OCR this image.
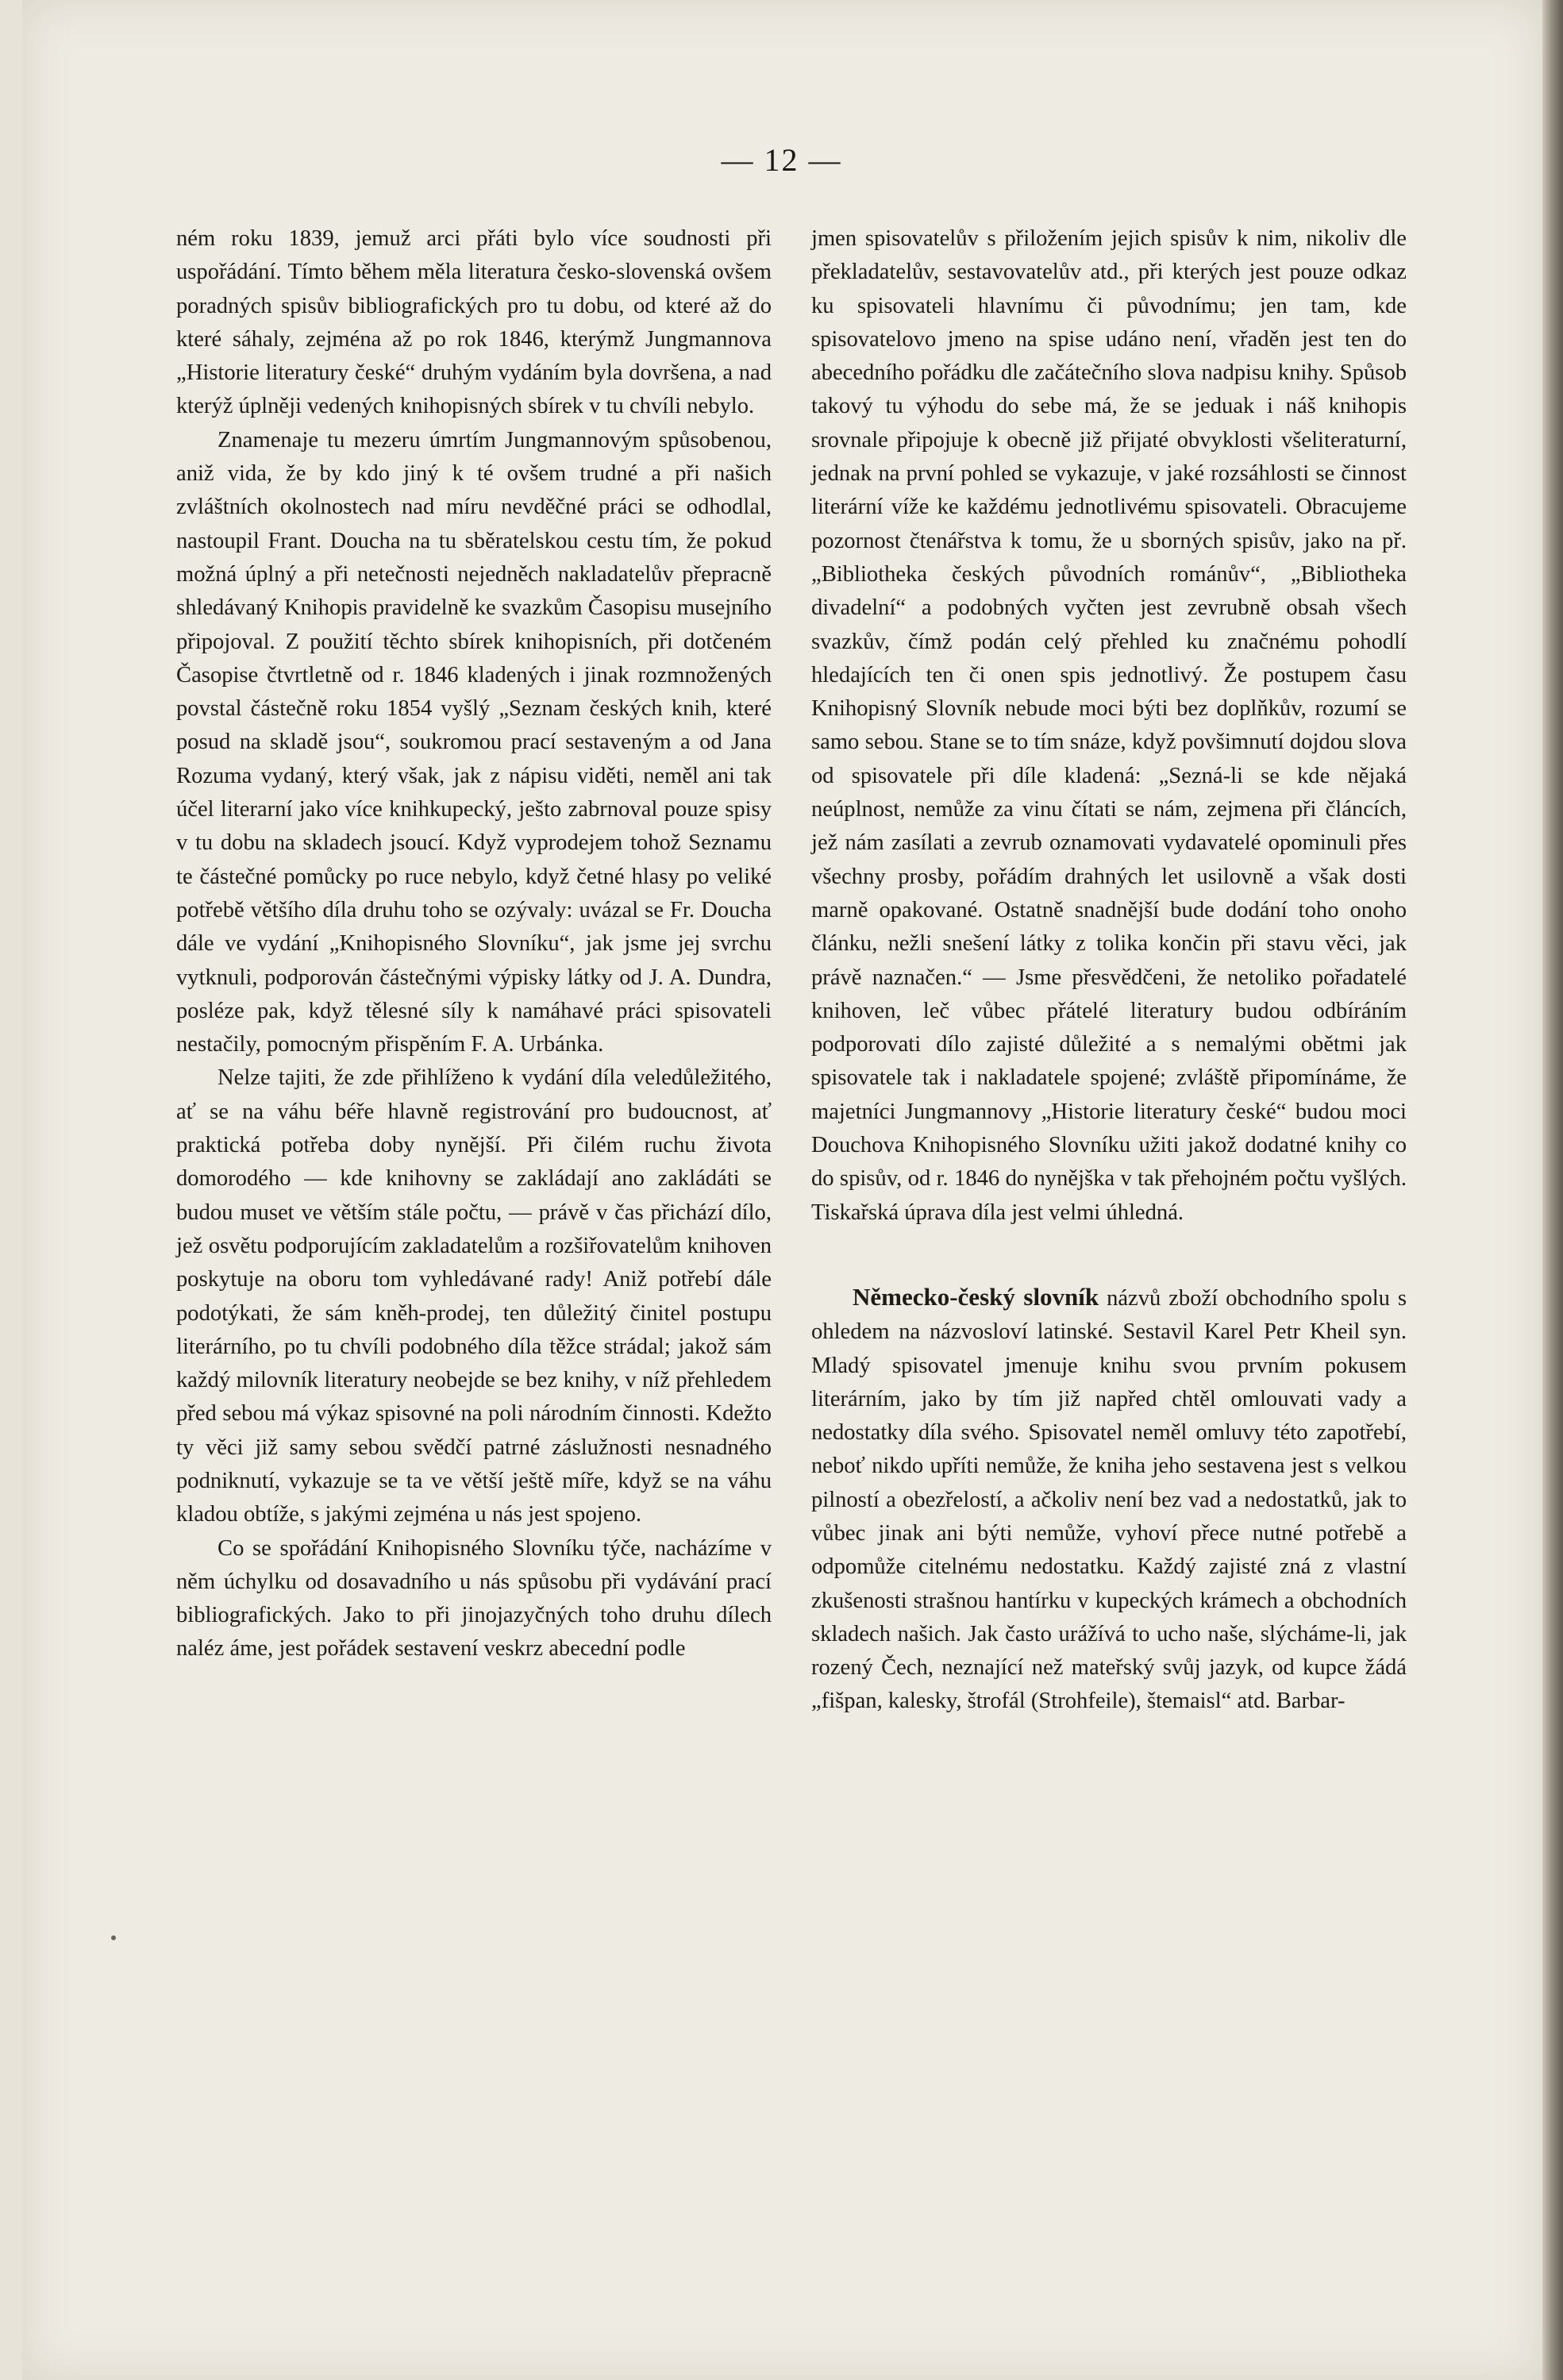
— 12 —

ném roku 1839, jemuž arci přáti bylo více soudnosti při uspořádání. Tímto během měla literatura česko-slovenská ovšem poradných spisův bibliografických pro tu dobu, od které až do které sáhaly, zejména až po rok 1846, kterýmž Jungmannova „Historie literatury české“ druhým vydáním byla dovršena, a nad kterýž úplněji vedených knihopisných sbírek v tu chvíli nebylo.

Znamenaje tu mezeru úmrtím Jungmannovým spůsobenou, aniž vida, že by kdo jiný k té ovšem trudné a při našich zvláštních okolnostech nad míru nevděčné práci se odhodlal, nastoupil Frant. Doucha na tu sběratelskou cestu tím, že pokud možná úplný a při netečnosti nejedněch nakladatelův přepracně shledávaný Knihopis pravidelně ke svazkům Časopisu musejního připojoval. Z použití těchto sbírek knihopisních, při dotčeném Časopise čtvrtletně od r. 1846 kladených i jinak rozmnožených povstal částečně roku 1854 vyšlý „Seznam českých knih, které posud na skladě jsou“, soukromou prací sestaveným a od Jana Rozuma vydaný, který však, jak z nápisu viděti, neměl ani tak účel literarní jako více knihkupecký, ješto zabrnoval pouze spisy v tu dobu na skladech jsoucí. Když vyprodejem tohož Seznamu te částečné pomůcky po ruce nebylo, když četné hlasy po veliké potřebě většího díla druhu toho se ozývaly: uvázal se Fr. Doucha dále ve vydání „Knihopisného Slovníku“, jak jsme jej svrchu vytknuli, podporován částečnými výpisky látky od J. A. Dundra, posléze pak, když tělesné síly k namáhavé práci spisovateli nestačily, pomocným přispěním F. A. Urbánka.

Nelze tajiti, že zde přihlíženo k vydání díla veledůležitého, ať se na váhu béře hlavně registrování pro budoucnost, ať praktická potřeba doby nynější. Při čilém ruchu života domorodého — kde knihovny se zakládají ano zakládáti se budou muset ve větším stále počtu, — právě v čas přichází dílo, jež osvětu podporujícím zakladatelům a rozšiřovatelům knihoven poskytuje na oboru tom vyhledávané rady! Aniž potřebí dále podotýkati, že sám kněh-prodej, ten důležitý činitel postupu literárního, po tu chvíli podobného díla těžce strádal; jakož sám každý milovník literatury neobejde se bez knihy, v níž přehledem před sebou má výkaz spisovné na poli národním činnosti. Kdežto ty věci již samy sebou svědčí patrné záslužnosti nesnadného podniknutí, vykazuje se ta ve větší ještě míře, když se na váhu kladou obtíže, s jakými zejména u nás jest spojeno.

Co se spořádání Knihopisného Slovníku týče, nacházíme v něm úchylku od dosavadního u nás spůsobu při vydávání prací bibliografických. Jako to při jinojazyčných toho druhu dílech naléz áme, jest pořádek sestavení veskrz abecední podle

jmen spisovatelův s přiložením jejich spisův k nim, nikoliv dle překladatelův, sestavovatelův atd., při kterých jest pouze odkaz ku spisovateli hlavnímu či původnímu; jen tam, kde spisovatelovo jmeno na spise udáno není, vřaděn jest ten do abecedního pořádku dle začátečního slova nadpisu knihy. Spůsob takový tu výhodu do sebe má, že se jeduak i náš knihopis srovnale připojuje k obecně již přijaté obvyklosti všeliteraturní, jednak na první pohled se vykazuje, v jaké rozsáhlosti se činnost literární víže ke každému jednotlivému spisovateli. Obracujeme pozornost čtenářstva k tomu, že u sborných spisův, jako na př. „Bibliotheka českých původních románův“, „Bibliotheka divadelní“ a podobných vyčten jest zevrubně obsah všech svazkův, čímž podán celý přehled ku značnému pohodlí hledajících ten či onen spis jednotlivý. Že postupem času Knihopisný Slovník nebude moci býti bez doplňkův, rozumí se samo sebou. Stane se to tím snáze, když povšimnutí dojdou slova od spisovatele při díle kladená: „Sezná-li se kde nějaká neúplnost, nemůže za vinu čítati se nám, zejmena při článcích, jež nám zasílati a zevrub oznamovati vydavatelé opominuli přes všechny prosby, pořádím drahných let usilovně a však dosti marně opakované. Ostatně snadnější bude dodání toho onoho článku, nežli snešení látky z tolika končin při stavu věci, jak právě naznačen.“ — Jsme přesvědčeni, že netoliko pořadatelé knihoven, leč vůbec přátelé literatury budou odbíráním podporovati dílo zajisté důležité a s nemalými obětmi jak spisovatele tak i nakladatele spojené; zvláště připomínáme, že majetníci Jungmannovy „Historie literatury české“ budou moci Douchova Knihopisného Slovníku užiti jakož dodatné knihy co do spisův, od r. 1846 do nynějška v tak přehojném počtu vyšlých. Tiskařská úprava díla jest velmi úhledná.

Německo-český slovník názvů zboží obchodního spolu s ohledem na názvosloví latinské. Sestavil Karel Petr Kheil syn. Mladý spisovatel jmenuje knihu svou prvním pokusem literárním, jako by tím již napřed chtěl omlouvati vady a nedostatky díla svého. Spisovatel neměl omluvy této zapotřebí, neboť nikdo upříti nemůže, že kniha jeho sestavena jest s velkou pilností a obezřelostí, a ačkoliv není bez vad a nedostatků, jak to vůbec jinak ani býti nemůže, vyhoví přece nutné potřebě a odpomůže citelnému nedostatku. Každý zajisté zná z vlastní zkušenosti strašnou hantírku v kupeckých krámech a obchodních skladech našich. Jak často urážívá to ucho naše, slýcháme-li, jak rozený Čech, neznající než mateřský svůj jazyk, od kupce žádá „fišpan, kalesky, štrofál (Strohfeile), štemaisl“ atd. Barbar-
